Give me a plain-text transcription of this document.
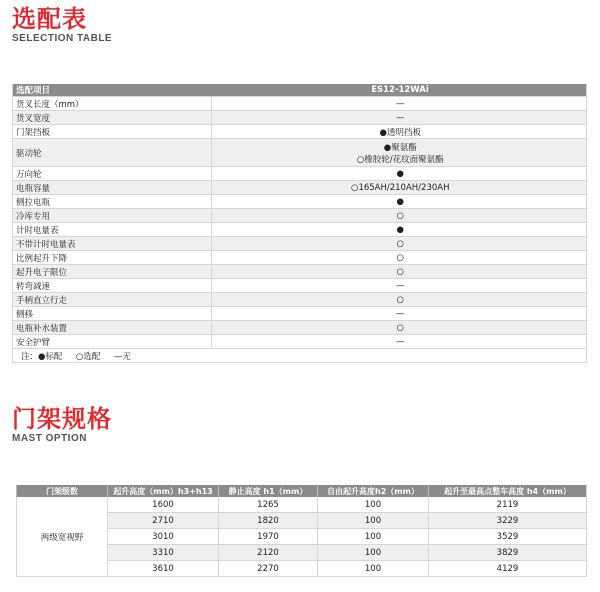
选配表
SELECTION TABLE
选配项目	ES12-12WAi
货叉长度（mm）	—
货叉宽度	—
门架挡板	●透明挡板
驱动轮	●聚氨酯
○橡胶轮/花纹面聚氨酯

万向轮	●
电瓶容量	○165AH/210AH/230AH
侧拉电瓶	●
冷库专用	○
计时电量表	●
不带计时电量表	○
比例起升下降	○
起升电子限位	○
转弯减速	—
手柄直立行走	○
侧移	—
电瓶补水装置	○
安全护臂	—
注：●标配     ○选配     —无	
门架规格
MAST OPTION
门架级数	起升高度（mm）h3+h13	静止高度 h1（mm）	自由起升高度h2（mm）	起升至最高点整车高度 h4（mm）
两级宽视野	1600	1265	100	2119
	2710	1820	100	3229
	3010	1970	100	3529
	3310	2120	100	3829
	3610	2270	100	4129
